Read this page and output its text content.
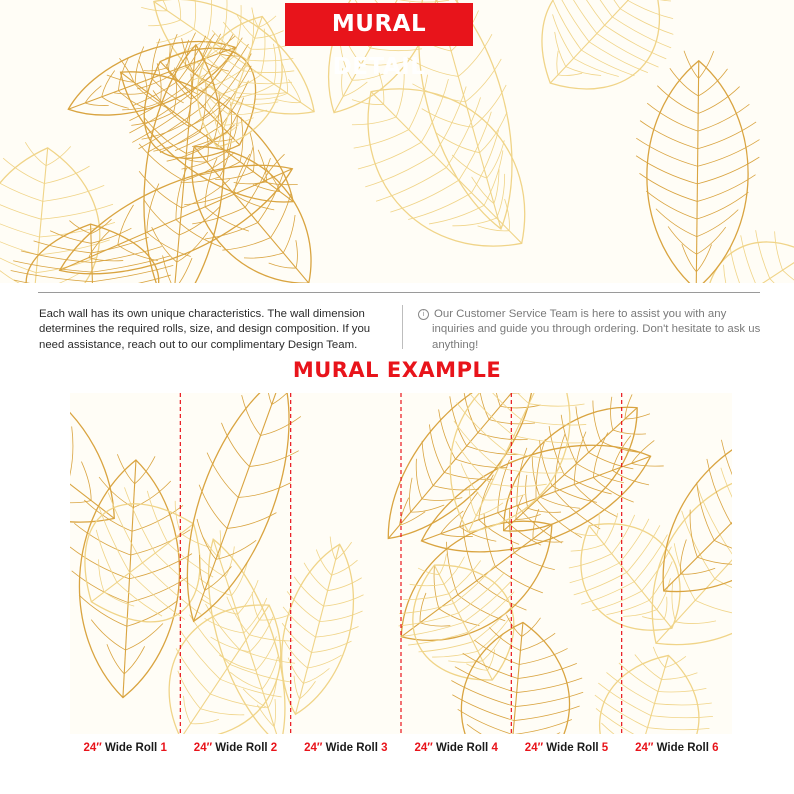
MURAL DETAIL
Each wall has its own unique characteristics. The wall dimension determines the required rolls, size, and design composition. If you need assistance, reach out to our complimentary Design Team.
i Our Customer Service Team is here to assist you with any
inquiries and guide you through ordering. Don't hesitate to ask us anything!
MURAL EXAMPLE
24″ Wide Roll 1	24″ Wide Roll 2	24″ Wide Roll 3	24″ Wide Roll 4	24″ Wide Roll 5	24″ Wide Roll 6
